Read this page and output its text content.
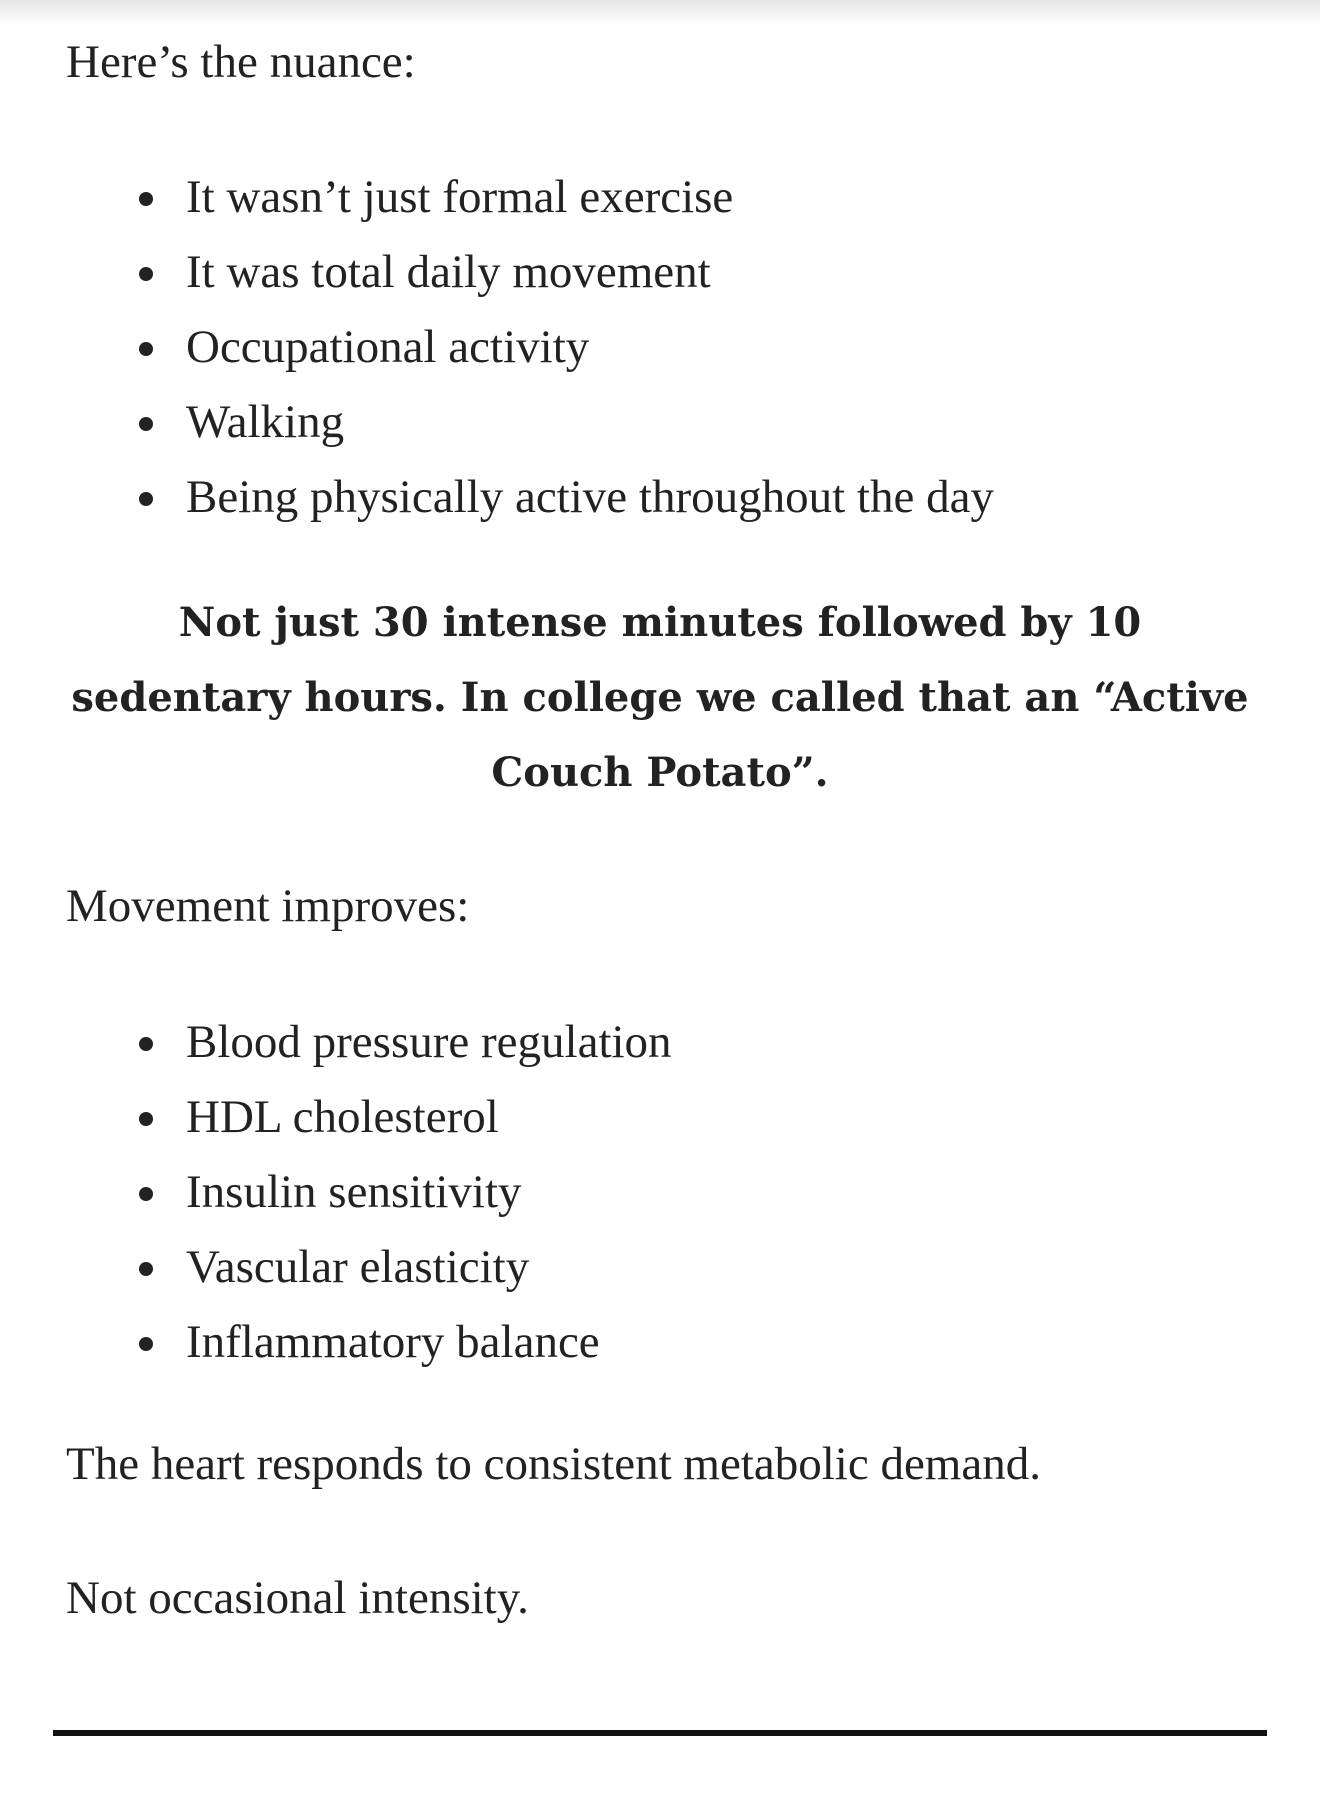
Here’s the nuance:

It wasn’t just formal exercise
It was total daily movement
Occupational activity
Walking
Being physically active throughout the day

Not just 30 intense minutes followed by 10 sedentary hours. In college we called that an “Active Couch Potato”.

Movement improves:

Blood pressure regulation
HDL cholesterol
Insulin sensitivity
Vascular elasticity
Inflammatory balance

The heart responds to consistent metabolic demand.

Not occasional intensity.
